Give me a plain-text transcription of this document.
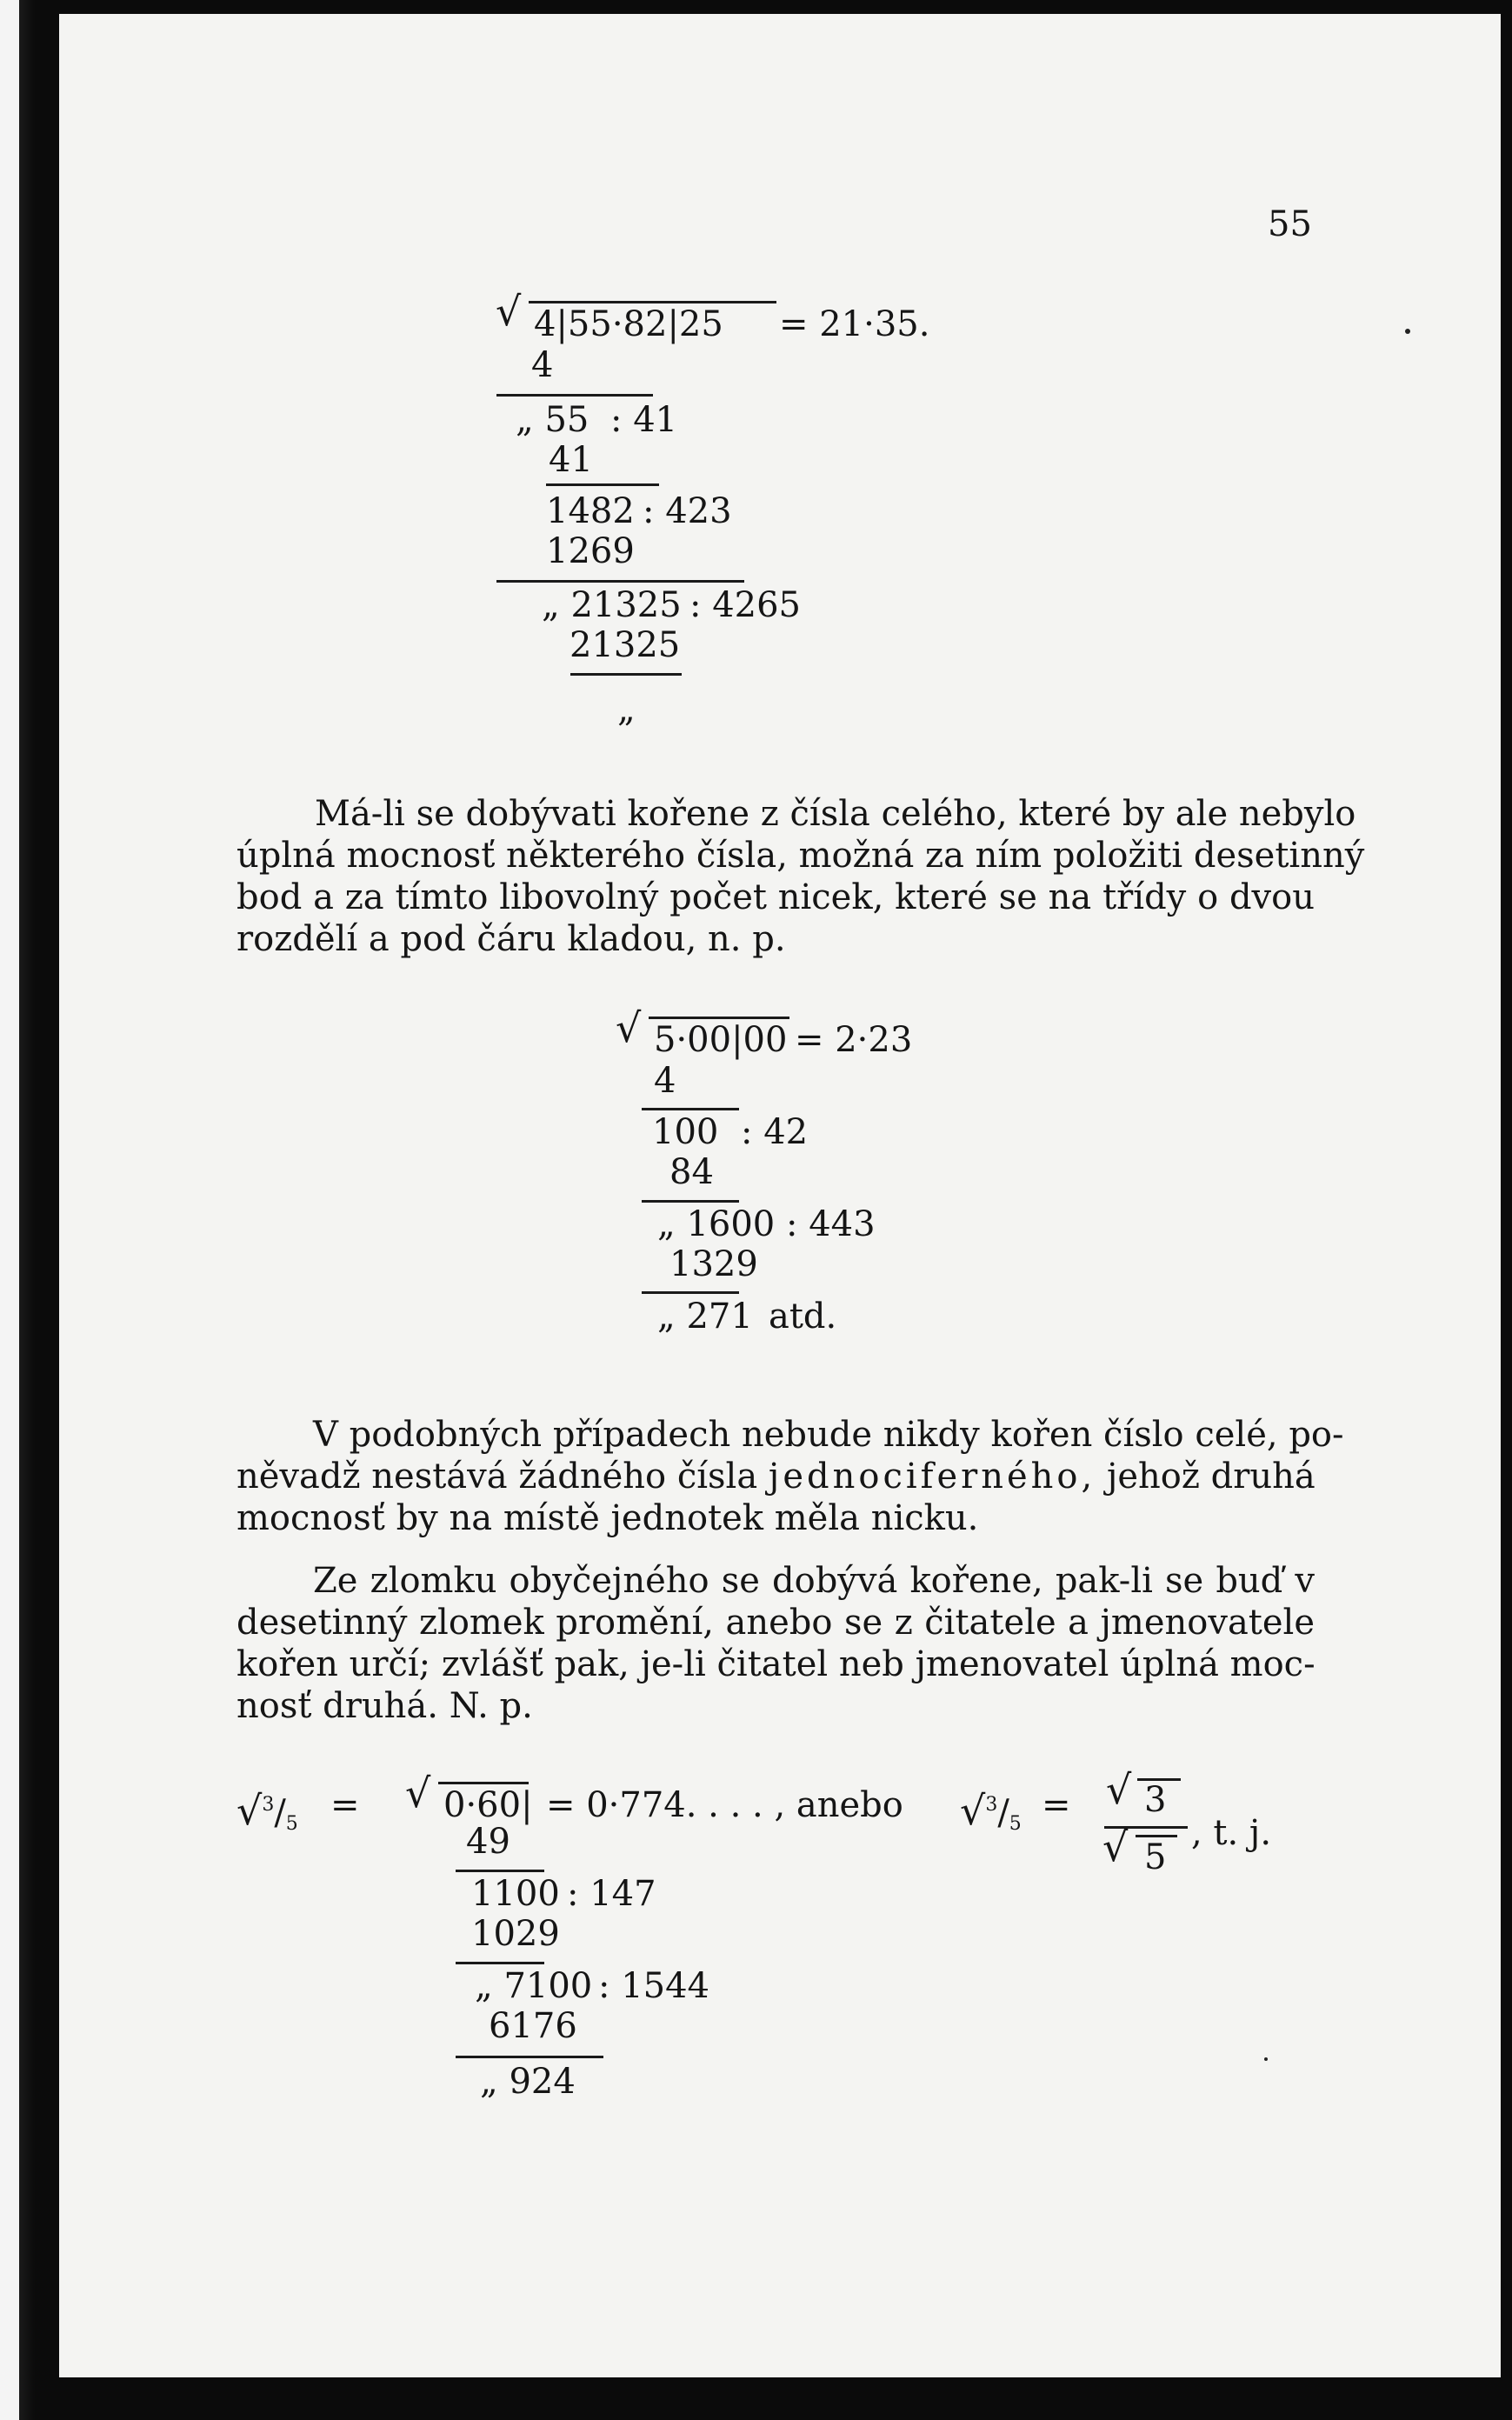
55
√ 4|55·82|25 = 21·35.
4
„ 55 : 41
41
1482 : 423
1269
„ 21325 : 4265
21325
„
Má-li se dobývati kořene z čísla celého, které by ale nebylo
úplná mocnosť některého čísla, možná za ním položiti desetinný
bod a za tímto libovolný počet nicek, které se na třídy o dvou
rozdělí a pod čáru kladou, n. p.
√ 5·00|00 = 2·23
4
100 : 42
84
„ 1600 : 443
1329
„ 271 atd.
V podobných případech nebude nikdy kořen číslo celé, po-
něvadž nestává žádného čísla jednociferného, jehož druhá
mocnosť by na místě jednotek měla nicku.
Ze zlomku obyčejného se dobývá kořene, pak-li se buď v
desetinný zlomek promění, anebo se z čitatele a jmenovatele
kořen určí; zvlášť pak, je-li čitatel neb jmenovatel úplná moc-
nosť druhá. N. p.
$√^3/_5$ = √ 0·60| = 0·774. . . . , anebo $√^3/_5$ = √ 3
√ 5
, t. j.
49
1100 : 147
1029
„ 7100 : 1544
6176
„ 924
